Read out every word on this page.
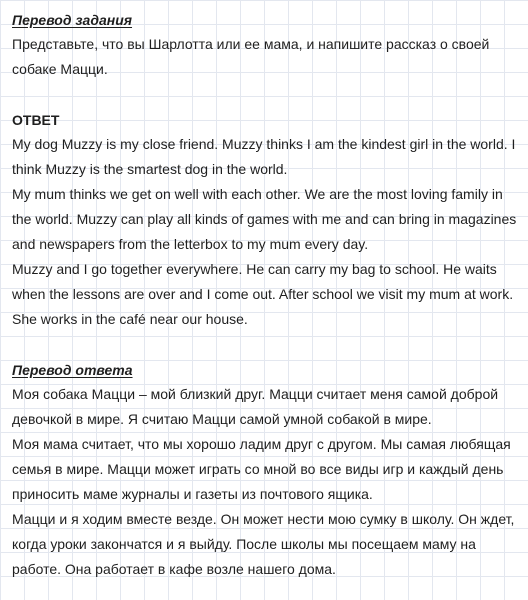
Перевод задания

Представьте, что вы Шарлотта или ее мама, и напишите рассказ о своей собаке Мацци.

ОТВЕТ

My dog Muzzy is my close friend. Muzzy thinks I am the kindest girl in the world. I think Muzzy is the smartest dog in the world.

My mum thinks we get on well with each other. We are the most loving family in the world. Muzzy can play all kinds of games with me and can bring in magazines and newspapers from the letterbox to my mum every day.

Muzzy and I go together everywhere. He can carry my bag to school. He waits when the lessons are over and I come out. After school we visit my mum at work. She works in the café near our house.

Перевод ответа

Моя собака Мацци – мой близкий друг. Мацци считает меня самой доброй девочкой в мире. Я считаю Мацци самой умной собакой в мире.

Моя мама считает, что мы хорошо ладим друг с другом. Мы самая любящая семья в мире. Мацци может играть со мной во все виды игр и каждый день приносить маме журналы и газеты из почтового ящика.

Мацци и я ходим вместе везде. Он может нести мою сумку в школу. Он ждет, когда уроки закончатся и я выйду. После школы мы посещаем маму на работе. Она работает в кафе возле нашего дома.
